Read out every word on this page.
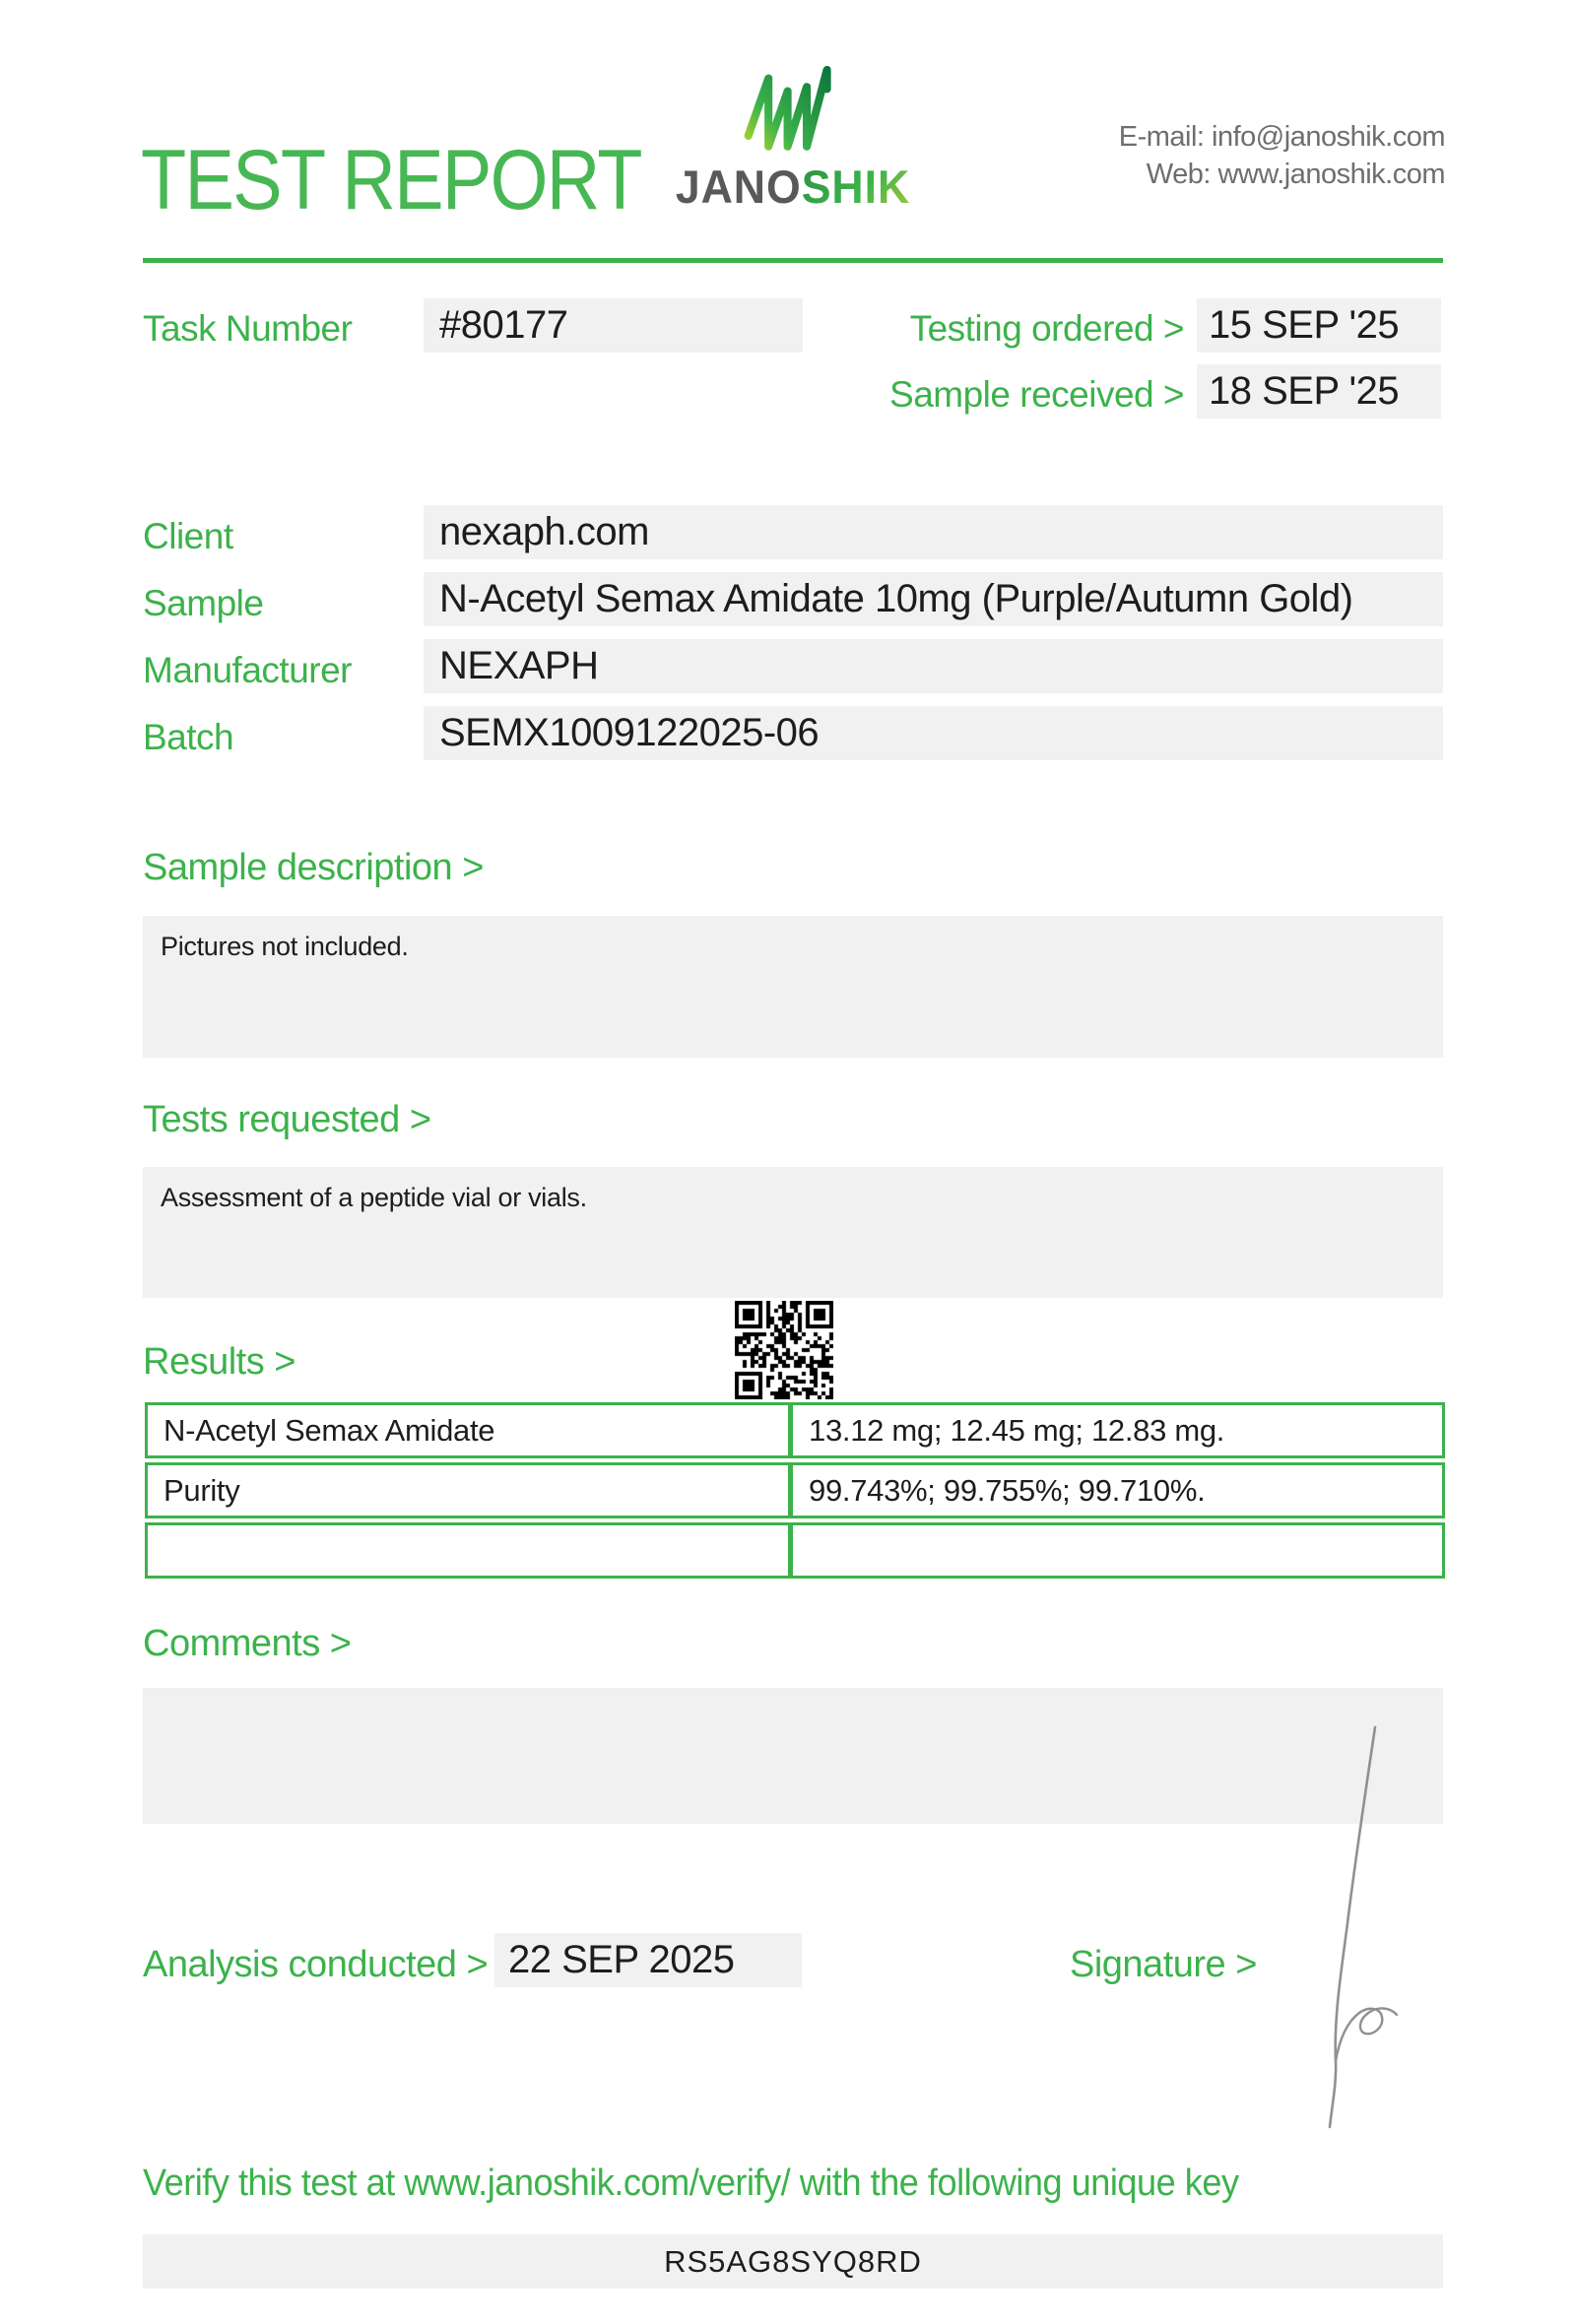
TEST REPORT JANO SHIK
E-mail: info@janoshik.com
Web: www.janoshik.com
Task Number	#80177	Testing ordered > 15 SEP '25
Sample received > 18 SEP '25
Client	nexaph.com
Sample	N-Acetyl Semax Amidate 10mg (Purple/Autumn Gold)
Manufacturer	NEXAPH
Batch	SEMX1009122025-06
Sample description >
Pictures not included.
Tests requested >
Assessment of a peptide vial or vials.
Results >
N-Acetyl Semax Amidate	13.12 mg; 12.45 mg; 12.83 mg.
Purity	99.743%; 99.755%; 99.710%.
Comments >
Analysis conducted > 22 SEP 2025	Signature >
Verify this test at www.janoshik.com/verify/ with the following unique key
RS5AG8SYQ8RD
